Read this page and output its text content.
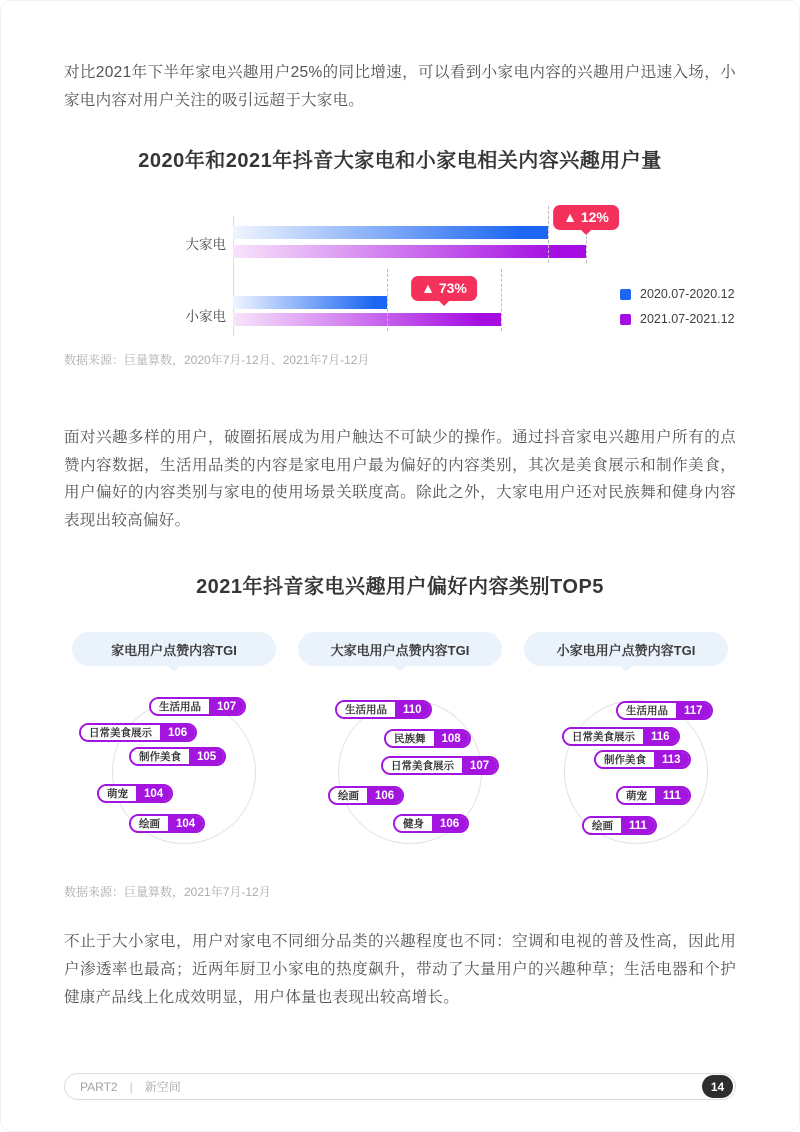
对比2021年下半年家电兴趣用户25%的同比增速，可以看到小家电内容的兴趣用户迅速入场，小家电内容对用户关注的吸引远超于大家电。

2020年和2021年抖音大家电和小家电相关内容兴趣用户量
大家电
小家电
▲ 12%
▲ 73%	2020.07-2020.12
2021.07-2021.12
数据来源：巨量算数，2020年7月-12月、2021年7月-12月

面对兴趣多样的用户，破圈拓展成为用户触达不可缺少的操作。通过抖音家电兴趣用户所有的点赞内容数据，生活用品类的内容是家电用户最为偏好的内容类别，其次是美食展示和制作美食，用户偏好的内容类别与家电的使用场景关联度高。除此之外，大家电用户还对民族舞和健身内容表现出较高偏好。

2021年抖音家电兴趣用户偏好内容类别TOP5
家电用户点赞内容TGI
生活用品	107
日常美食展示	106
制作美食	105
萌宠	104
绘画	104
大家电用户点赞内容TGI
生活用品	110
民族舞	108
日常美食展示	107
绘画	106
健身	106
小家电用户点赞内容TGI
生活用品	117
日常美食展示	116
制作美食	113
萌宠	111
绘画	111
数据来源：巨量算数，2021年7月-12月

不止于大小家电，用户对家电不同细分品类的兴趣程度也不同：空调和电视的普及性高，因此用户渗透率也最高；近两年厨卫小家电的热度飙升，带动了大量用户的兴趣种草；生活电器和个护健康产品线上化成效明显，用户体量也表现出较高增长。

PART2 | 新空间	14
